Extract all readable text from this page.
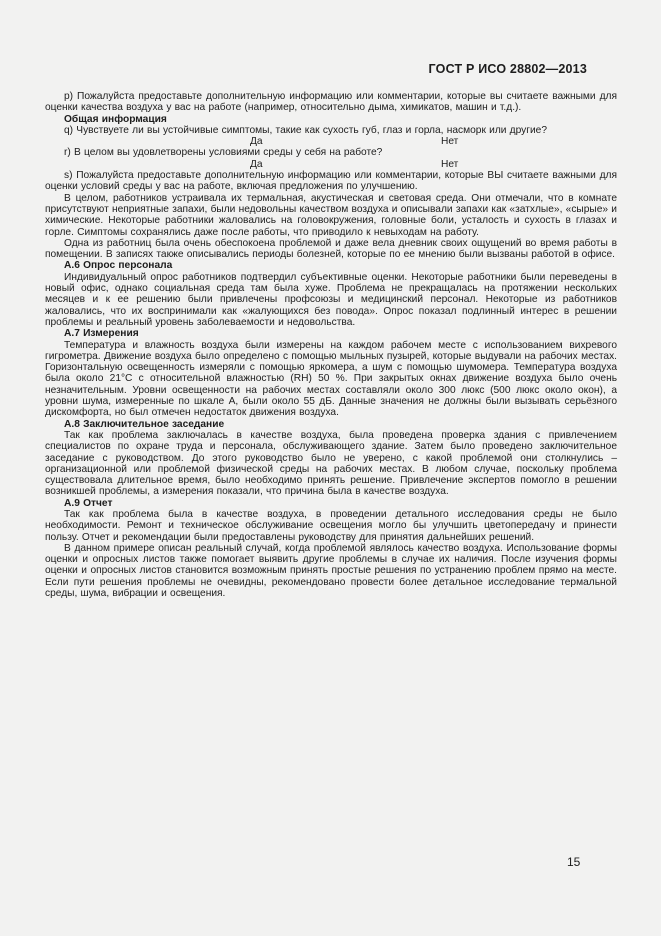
ГОСТ Р ИСО 28802—2013

p) Пожалуйста предоставьте дополнительную информацию или комментарии, которые вы считаете важными для оценки качества воздуха у вас на работе (например, относительно дыма, химикатов, машин и т.д.).

Общая информация

q) Чувствуете ли вы устойчивые симптомы, такие как сухость губ, глаз и горла, насморк или другие?

Да	Нет

r) В целом вы удовлетворены условиями среды у себя на работе?

Да	Нет

s) Пожалуйста предоставьте дополнительную информацию или комментарии, которые ВЫ считаете важными для оценки условий среды у вас на работе, включая предложения по улучшению.

В целом, работников устраивала их термальная, акустическая и световая среда. Они отмечали, что в комнате присутствуют неприятные запахи, были недовольны качеством воздуха и описывали запахи как «затхлые», «сырые» и химические. Некоторые работники жаловались на головокружения, головные боли, усталость и сухость в глазах и горле. Симптомы сохранялись даже после работы, что приводило к невыходам на работу.

Одна из работниц была очень обеспокоена проблемой и даже вела дневник своих ощущений во время работы в помещении. В записях также описывались периоды болезней, которые по ее мнению были вызваны работой в офисе.

А.6 Опрос персонала

Индивидуальный опрос работников подтвердил субъективные оценки. Некоторые работники были переведены в новый офис, однако социальная среда там была хуже. Проблема не прекращалась на протяжении нескольких месяцев и к ее решению были привлечены профсоюзы и медицинский персонал. Некоторые из работников жаловались, что их воспринимали как «жалующихся без повода». Опрос показал подлинный интерес в решении проблемы и реальный уровень заболеваемости и недовольства.

А.7 Измерения

Температура и влажность воздуха были измерены на каждом рабочем месте с использованием вихревого гигрометра. Движение воздуха было определено с помощью мыльных пузырей, которые выдували на рабочих местах. Горизонтальную освещенность измеряли с помощью яркомера, а шум с помощью шумомера. Температура воздуха была около 21°С с относительной влажностью (RH) 50 %. При закрытых окнах движение воздуха было очень незначительным. Уровни освещенности на рабочих местах составляли около 300 люкс (500 люкс около окон), а уровни шума, измеренные по шкале А, были около 55 дБ. Данные значения не должны были вызывать серьёзного дискомфорта, но был отмечен недостаток движения воздуха.

А.8 Заключительное заседание

Так как проблема заключалась в качестве воздуха, была проведена проверка здания с привлечением специалистов по охране труда и персонала, обслуживающего здание. Затем было проведено заключительное заседание с руководством. До этого руководство было не уверено, с какой проблемой они столкнулись – организационной или проблемой физической среды на рабочих местах. В любом случае, поскольку проблема существовала длительное время, было необходимо принять решение. Привлечение экспертов помогло в решении возникшей проблемы, а измерения показали, что причина была в качестве воздуха.

А.9 Отчет

Так как проблема была в качестве воздуха, в проведении детального исследования среды не было необходимости. Ремонт и техническое обслуживание освещения могло бы улучшить цветопередачу и принести пользу. Отчет и рекомендации были предоставлены руководству для принятия дальнейших решений.

В данном примере описан реальный случай, когда проблемой являлось качество воздуха. Использование формы оценки и опросных листов также помогает выявить другие проблемы в случае их наличия. После изучения формы оценки и опросных листов становится возможным принять простые решения по устранению проблем прямо на месте. Если пути решения проблемы не очевидны, рекомендовано провести более детальное исследование термальной среды, шума, вибрации и освещения.

15
